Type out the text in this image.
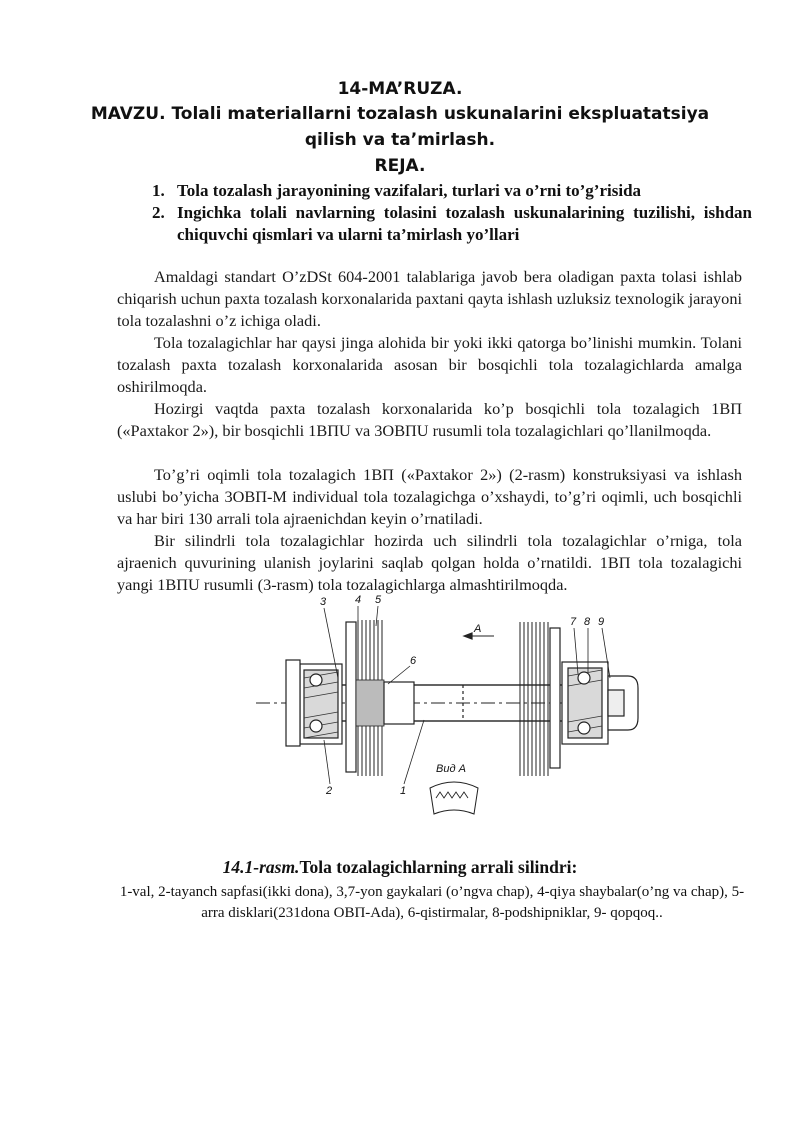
14-MA’RUZA.
MAVZU. Tolali materiallarni tozalash uskunalarini ekspluatatsiya
qilish va ta’mirlash.
REJA.
1. Tola tozalash jarayonining vazifalari, turlari va o’rni to’g’risida
2. Ingichka tolali navlarning tolasini tozalash uskunalarining tuzilishi, ishdan chiquvchi qismlari va ularni ta’mirlash yo’llari

Amaldagi standart O’zDSt 604-2001 talablariga javob bera oladigan paxta tolasi ishlab chiqarish uchun paxta tozalash korxonalarida paxtani qayta ishlash uzluksiz texnologik jarayoni tola tozalashni o’z ichiga oladi.

Tola tozalagichlar har qaysi jinga alohida bir yoki ikki qatorga bo’linishi mumkin. Tolani tozalash paxta tozalash korxonalarida asosan bir bosqichli tola tozalagichlarda amalga oshirilmoqda.

Hozirgi vaqtda paxta tozalash korxonalarida ko’p bosqichli tola tozalagich 1ВП («Paxtakor 2»), bir bosqichli 1ВПU va 3ОВПU rusumli tola tozalagichlari qo’llanilmoqda.

To’g’ri oqimli tola tozalagich 1ВП («Paxtakor 2») (2-rasm) konstruksiyasi va ishlash uslubi bo’yicha 3ОВП-М individual tola tozalagichga o’xshaydi, to’g’ri oqimli, uch bosqichli va har biri 130 arrali tola ajraenichdan keyin o’rnatiladi.

Bir silindrli tola tozalagichlar hozirda uch silindrli tola tozalagichlar o’rniga, tola ajraenich quvurining ulanish joylarini saqlab qolgan holda o’rnatildi. 1ВП tola tozalagichi yangi 1ВПU rusumli (3-rasm) tola tozalagichlarga almashtirilmoqda.

3	4 5
6
2	1
7 8 9
A
Вид A
14.1-rasm.Tola tozalagichlarning arrali silindri:
1-val, 2-tayanch sapfasi(ikki dona), 3,7-yon gaykalari (o’ngva chap), 4-qiya shaybalar(o’ng va chap), 5-arra disklari(231dona ОВП-Ada), 6-qistirmalar, 8-podshipniklar, 9- qopqoq..
